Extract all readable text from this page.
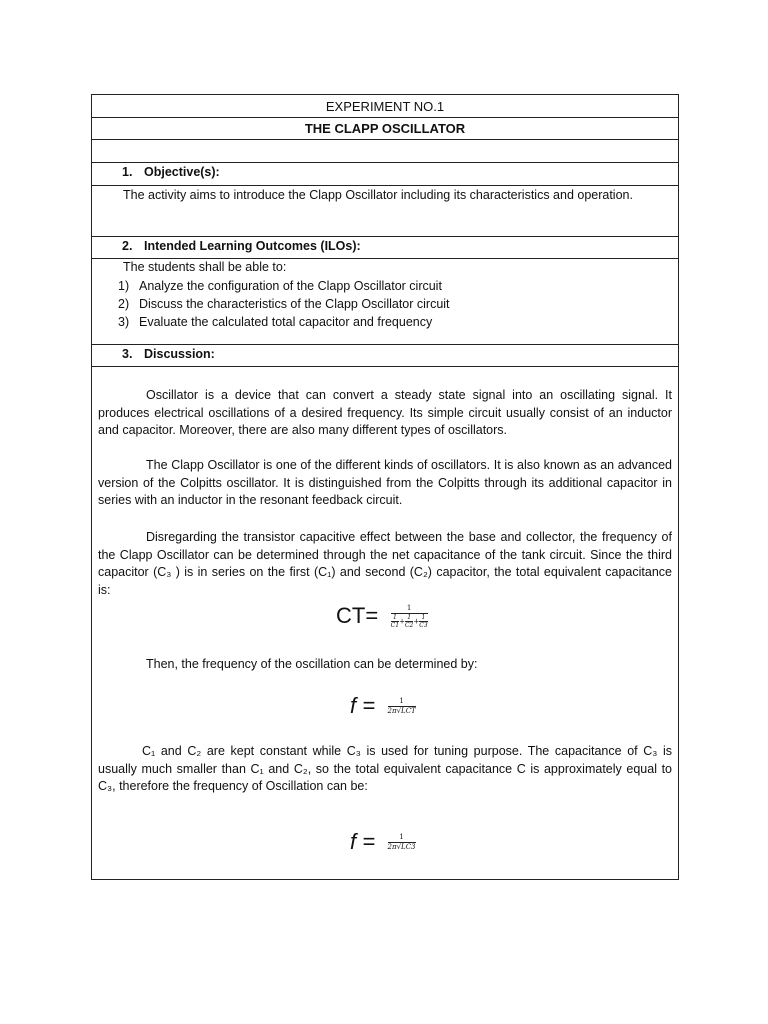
EXPERIMENT NO.1
THE CLAPP OSCILLATOR
1. Objective(s):
The activity aims to introduce the Clapp Oscillator including its characteristics and operation.
2. Intended Learning Outcomes (ILOs):
The students shall be able to:
1) Analyze the configuration of the Clapp Oscillator circuit
2) Discuss the characteristics of the Clapp Oscillator circuit
3) Evaluate the calculated total capacitor and frequency
3. Discussion:
Oscillator is a device that can convert a steady state signal into an oscillating signal. It produces electrical oscillations of a desired frequency. Its simple circuit usually consist of an inductor and capacitor. Moreover, there are also many different types of oscillators.
The Clapp Oscillator is one of the different kinds of oscillators. It is also known as an advanced version of the Colpitts oscillator. It is distinguished from the Colpitts through its additional capacitor in series with an inductor in the resonant feedback circuit.
Disregarding the transistor capacitive effect between the base and collector, the frequency of the Clapp Oscillator can be determined through the net capacitance of the tank circuit. Since the third capacitor (C₃ ) is in series on the first (C₁) and second (C₂) capacitor, the total equivalent capacitance is:
$CT= \frac{1}{\frac{1}{C1}+ \frac{1}{C2}+ \frac{1}{C3}}$
Then, the frequency of the oscillation can be determined by:
$f = \frac{1}{\text{2π√LCT}}$
C₁ and C₂ are kept constant while C₃ is used for tuning purpose. The capacitance of C₃ is usually much smaller than C₁ and C₂, so the total equivalent capacitance C is approximately equal to C₃, therefore the frequency of Oscillation can be:
$f = \frac{1}{2\pi√LC3}$
